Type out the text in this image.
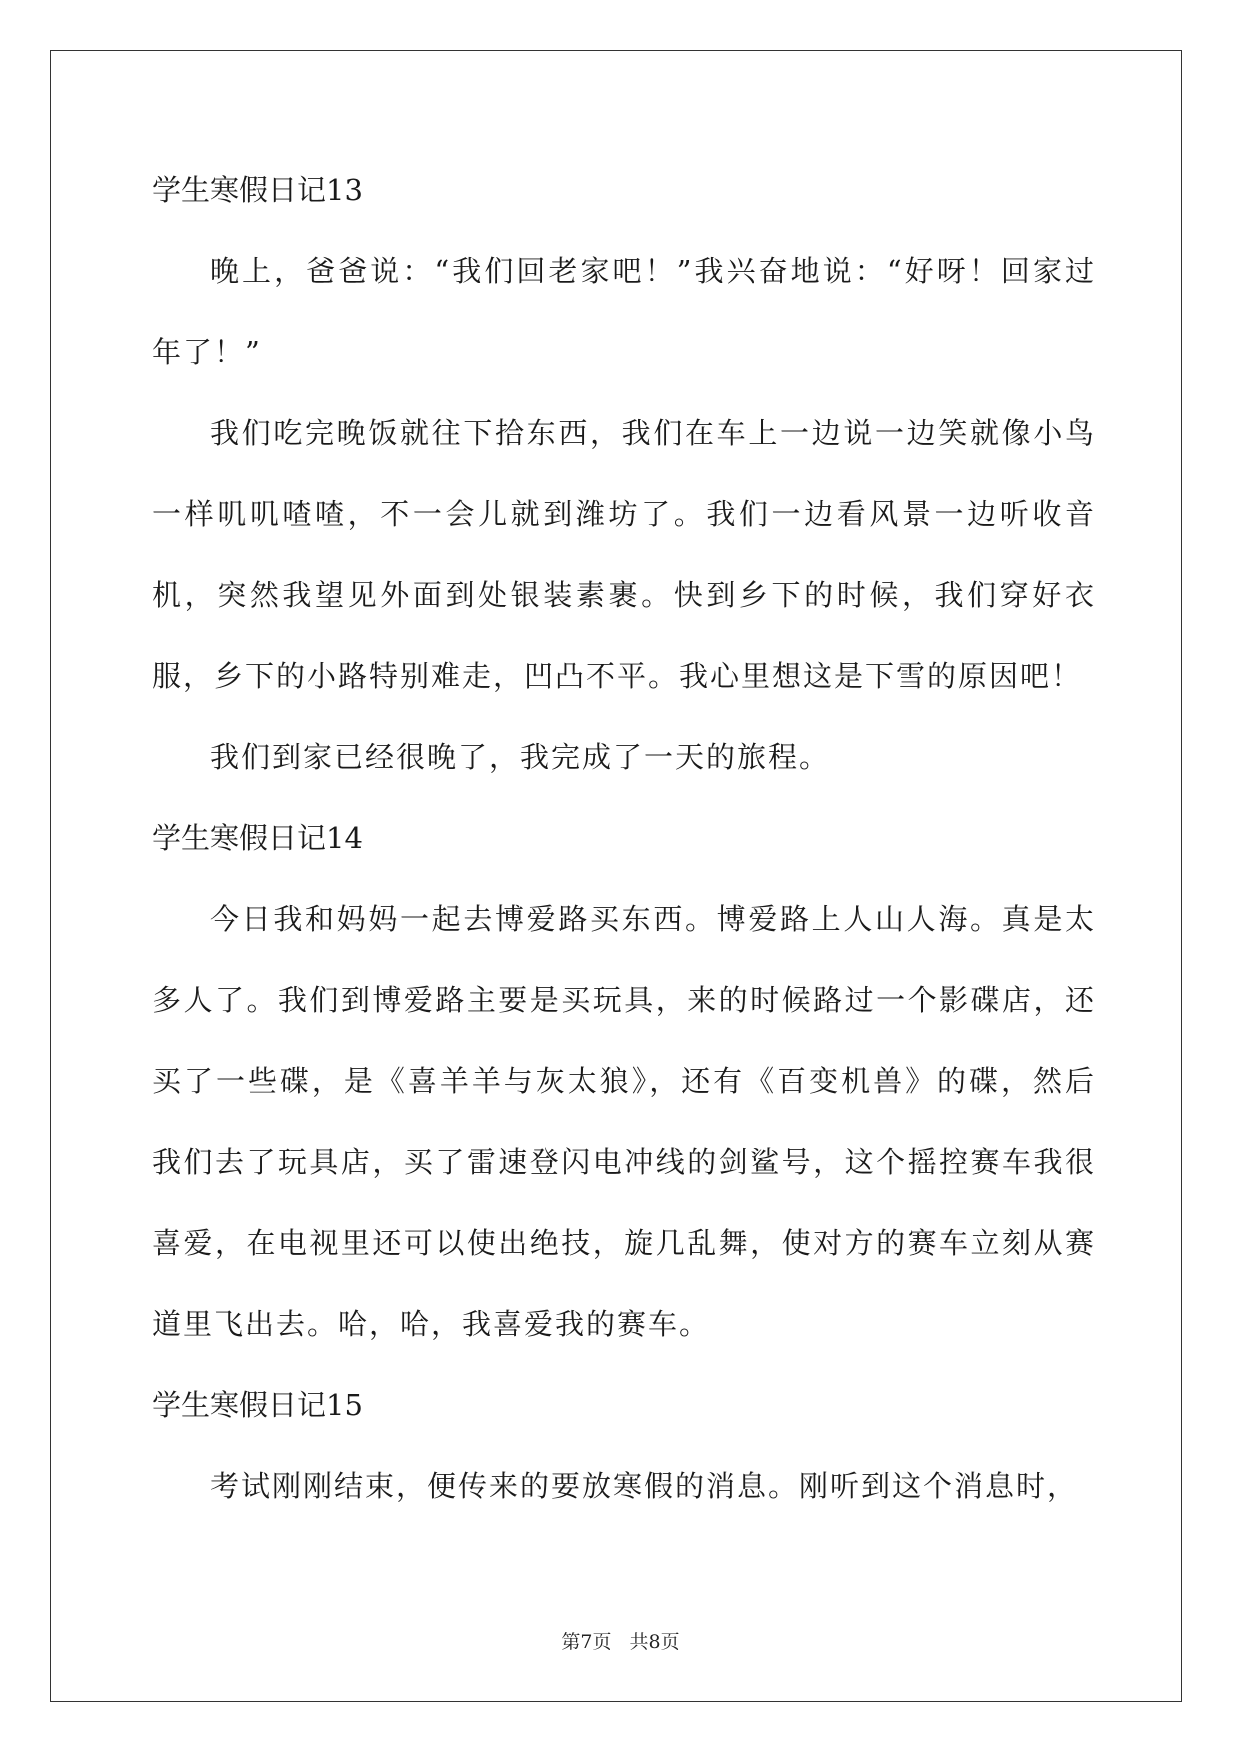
学生寒假日记13

晚上，爸爸说：“我们回老家吧！”我兴奋地说：“好呀！回家过年了！”

我们吃完晚饭就往下拾东西，我们在车上一边说一边笑就像小鸟一样叽叽喳喳，不一会儿就到潍坊了。我们一边看风景一边听收音机，突然我望见外面到处银装素裹。快到乡下的时候，我们穿好衣服，乡下的小路特别难走，凹凸不平。我心里想这是下雪的原因吧！

我们到家已经很晚了，我完成了一天的旅程。

学生寒假日记14

今日我和妈妈一起去博爱路买东西。博爱路上人山人海。真是太多人了。我们到博爱路主要是买玩具，来的时候路过一个影碟店，还买了一些碟，是《喜羊羊与灰太狼》，还有《百变机兽》的碟，然后我们去了玩具店，买了雷速登闪电冲线的剑鲨号，这个摇控赛车我很喜爱，在电视里还可以使出绝技，旋几乱舞，使对方的赛车立刻从赛道里飞出去。哈，哈，我喜爱我的赛车。

学生寒假日记15

考试刚刚结束，便传来的要放寒假的消息。刚听到这个消息时，

第7页 共8页
